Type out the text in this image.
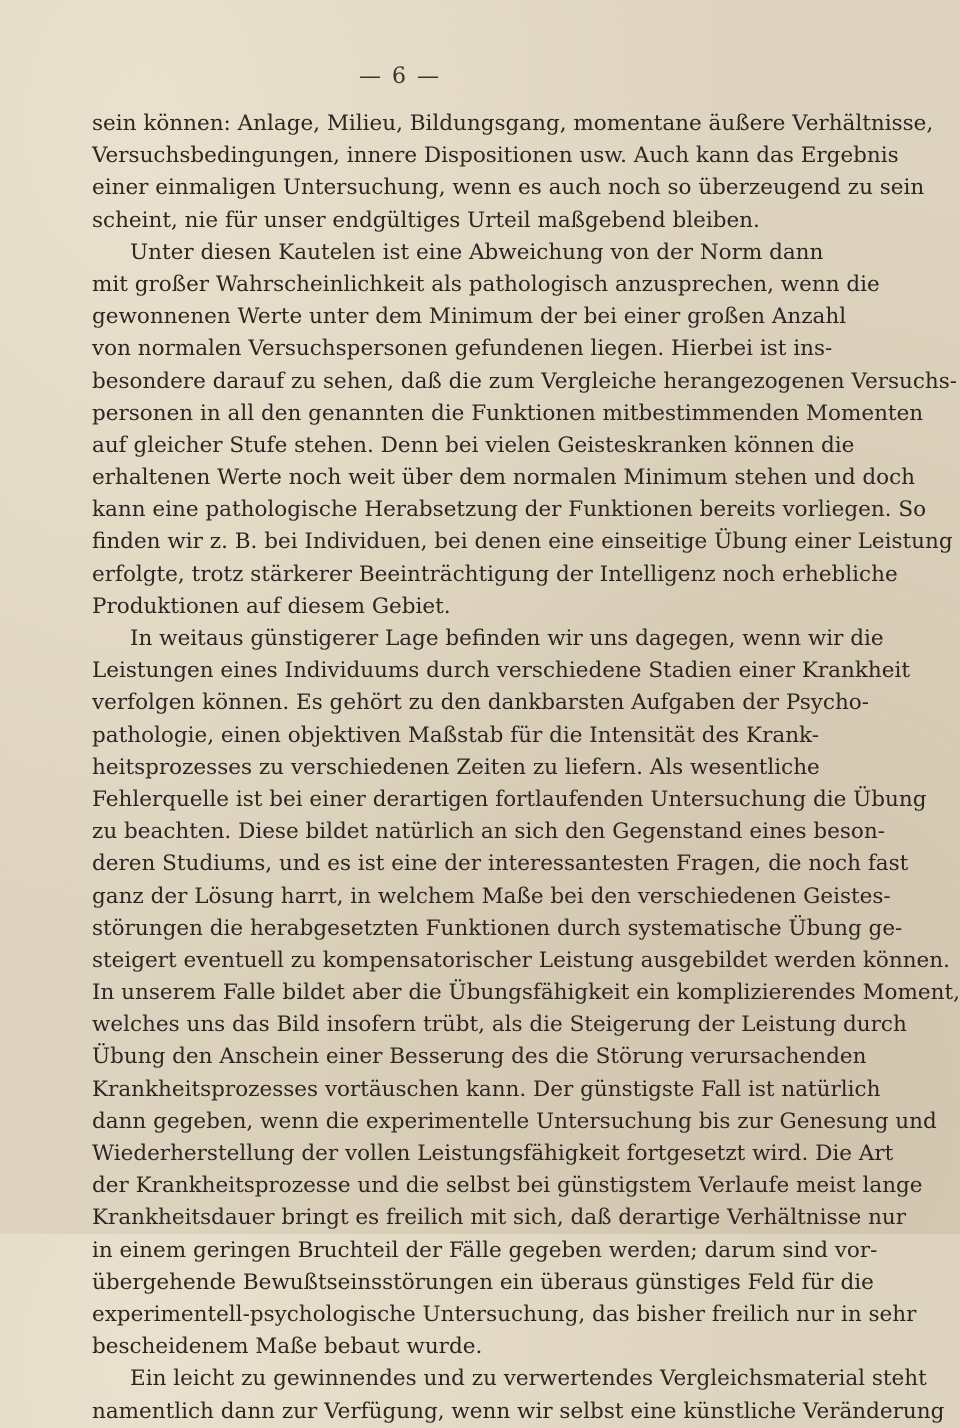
— 6 —
sein können: Anlage, Milieu, Bildungsgang, momentane äußere Verhältnisse,
Versuchsbedingungen, innere Dispositionen usw. Auch kann das Ergebnis
einer einmaligen Untersuchung, wenn es auch noch so überzeugend zu sein
scheint, nie für unser endgültiges Urteil maßgebend bleiben.
Unter diesen Kautelen ist eine Abweichung von der Norm dann
mit großer Wahrscheinlichkeit als pathologisch anzusprechen, wenn die
gewonnenen Werte unter dem Minimum der bei einer großen Anzahl
von normalen Versuchspersonen gefundenen liegen. Hierbei ist ins-
besondere darauf zu sehen, daß die zum Vergleiche herangezogenen Versuchs-
personen in all den genannten die Funktionen mitbestimmenden Momenten
auf gleicher Stufe stehen. Denn bei vielen Geisteskranken können die
erhaltenen Werte noch weit über dem normalen Minimum stehen und doch
kann eine pathologische Herabsetzung der Funktionen bereits vorliegen. So
finden wir z. B. bei Individuen, bei denen eine einseitige Übung einer Leistung
erfolgte, trotz stärkerer Beeinträchtigung der Intelligenz noch erhebliche
Produktionen auf diesem Gebiet.
In weitaus günstigerer Lage befinden wir uns dagegen, wenn wir die
Leistungen eines Individuums durch verschiedene Stadien einer Krankheit
verfolgen können. Es gehört zu den dankbarsten Aufgaben der Psycho-
pathologie, einen objektiven Maßstab für die Intensität des Krank-
heitsprozesses zu verschiedenen Zeiten zu liefern. Als wesentliche
Fehlerquelle ist bei einer derartigen fortlaufenden Untersuchung die Übung
zu beachten. Diese bildet natürlich an sich den Gegenstand eines beson-
deren Studiums, und es ist eine der interessantesten Fragen, die noch fast
ganz der Lösung harrt, in welchem Maße bei den verschiedenen Geistes-
störungen die herabgesetzten Funktionen durch systematische Übung ge-
steigert eventuell zu kompensatorischer Leistung ausgebildet werden können.
In unserem Falle bildet aber die Übungsfähigkeit ein komplizierendes Moment,
welches uns das Bild insofern trübt, als die Steigerung der Leistung durch
Übung den Anschein einer Besserung des die Störung verursachenden
Krankheitsprozesses vortäuschen kann. Der günstigste Fall ist natürlich
dann gegeben, wenn die experimentelle Untersuchung bis zur Genesung und
Wiederherstellung der vollen Leistungsfähigkeit fortgesetzt wird. Die Art
der Krankheitsprozesse und die selbst bei günstigstem Verlaufe meist lange
Krankheitsdauer bringt es freilich mit sich, daß derartige Verhältnisse nur
in einem geringen Bruchteil der Fälle gegeben werden; darum sind vor-
übergehende Bewußtseinsstörungen ein überaus günstiges Feld für die
experimentell-psychologische Untersuchung, das bisher freilich nur in sehr
bescheidenem Maße bebaut wurde.
Ein leicht zu gewinnendes und zu verwertendes Vergleichsmaterial steht
namentlich dann zur Verfügung, wenn wir selbst eine künstliche Veränderung
